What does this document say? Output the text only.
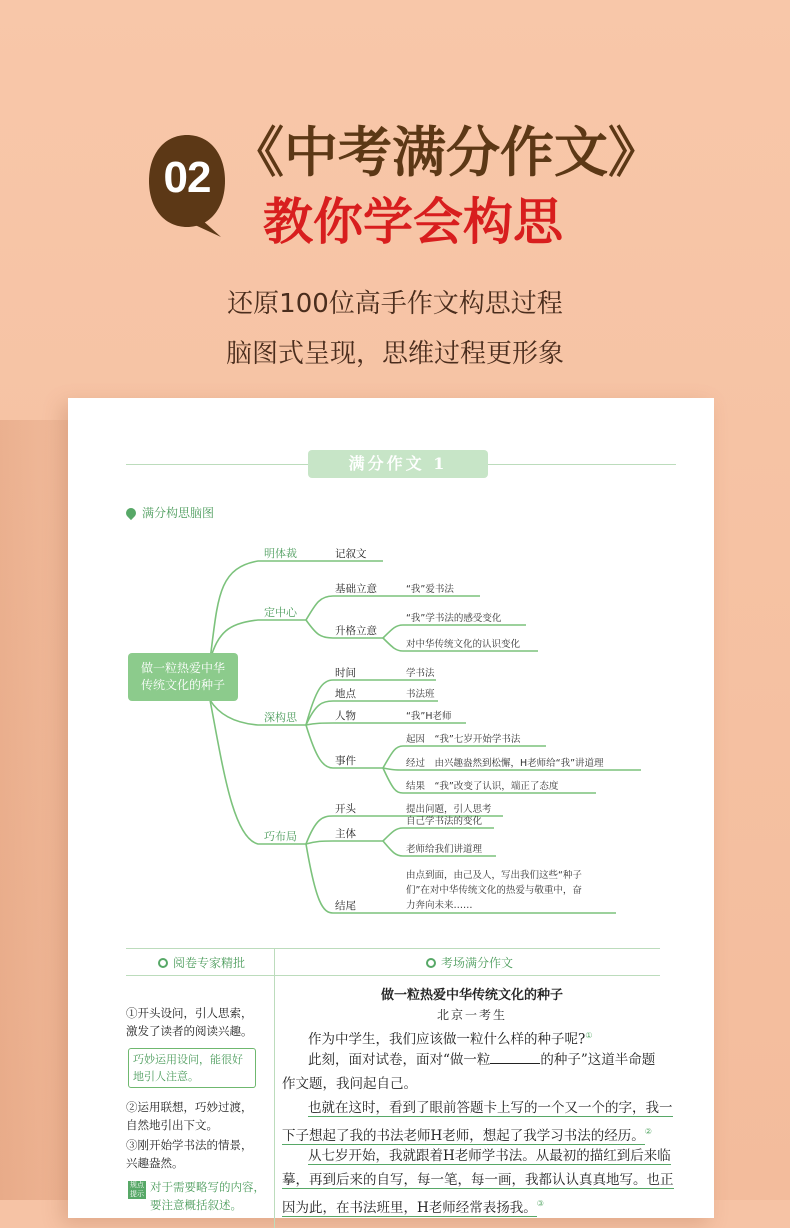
02 《中考满分作文》
教你学会构思
还原100位高手作文构思过程
脑图式呈现，思维过程更形象
满分作文 1
满分构思脑图
明体裁
定中心
深构思
巧布局
记叙文
基础立意
升格立意
时间
地点
人物
事件
开头
主体
结尾
“我”爱书法
“我”学书法的感受变化
对中华传统文化的认识变化
学书法
书法班
“我”H老师
起因　“我”七岁开始学书法
经过　由兴趣盎然到松懈，H老师给“我”讲道理
结果　“我”改变了认识，端正了态度
提出问题，引人思考
自己学书法的变化
老师给我们讲道理
由点到面，由己及人，写出我们这些“种子
们”在对中华传统文化的热爱与敬重中，奋
力奔向未来……
做一粒热爱中华
传统文化的种子
阅卷专家精批	考场满分作文
①开头设问，引人思索，
激发了读者的阅读兴趣。
巧妙运用设问，能很好
地引人注意。
②运用联想，巧妙过渡，
自然地引出下文。
③刚开始学书法的情景，
兴趣盎然。
规点提示 对于需要略写的内容，
要注意概括叙述。
做一粒热爱中华传统文化的种子
北京一考生
作为中学生，我们应该做一粒什么样的种子呢?①
此刻，面对试卷，面对“做一粒	的种子”这道半命题
作文题，我问起自己。
也就在这时，看到了眼前答题卡上写的一个又一个的字，我一
下子想起了我的书法老师H老师，想起了我学习书法的经历。②
从七岁开始，我就跟着H老师学书法。从最初的描红到后来临
摹，再到后来的自写，每一笔，每一画，我都认认真真地写。也正
因为此，在书法班里，H老师经常表扬我。③
